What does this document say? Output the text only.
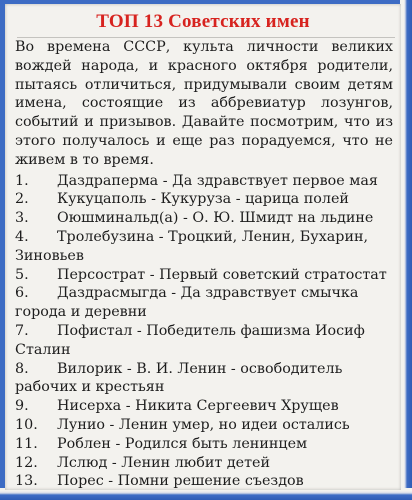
ТОП 13 Советских имен

Во времена СССР, культа личности великих вождей народа, и красного октября родители, пытаясь отличиться, придумывали своим детям имена, состоящие из аббревиатур лозунгов, событий и призывов. Давайте посмотрим, что из этого получалось и еще раз порадуемся, что не живем в то время.

1.	Даздраперма - Да здравствует первое мая
2.	Кукуцаполь - Кукуруза - царица полей
3.	Оюшминальд(а) - О. Ю. Шмидт на льдине
4. Тролебузина - Троцкий, Ленин, Бухарин, Зиновьев
5.	Персострат - Первый советский стратостат
6. Даздрасмыгда - Да здравствует смычка города и деревни
7. Пофистал - Победитель фашизма Иосиф Сталин
8. Вилорик - В. И. Ленин - освободитель рабочих и крестьян
9.	Нисерха - Никита Сергеевич Хрущев
10.	Лунио - Ленин умер, но идеи остались
11.	Роблен - Родился быть ленинцем
12.	Лслюд - Ленин любит детей
13.	Порес - Помни решение съездов
